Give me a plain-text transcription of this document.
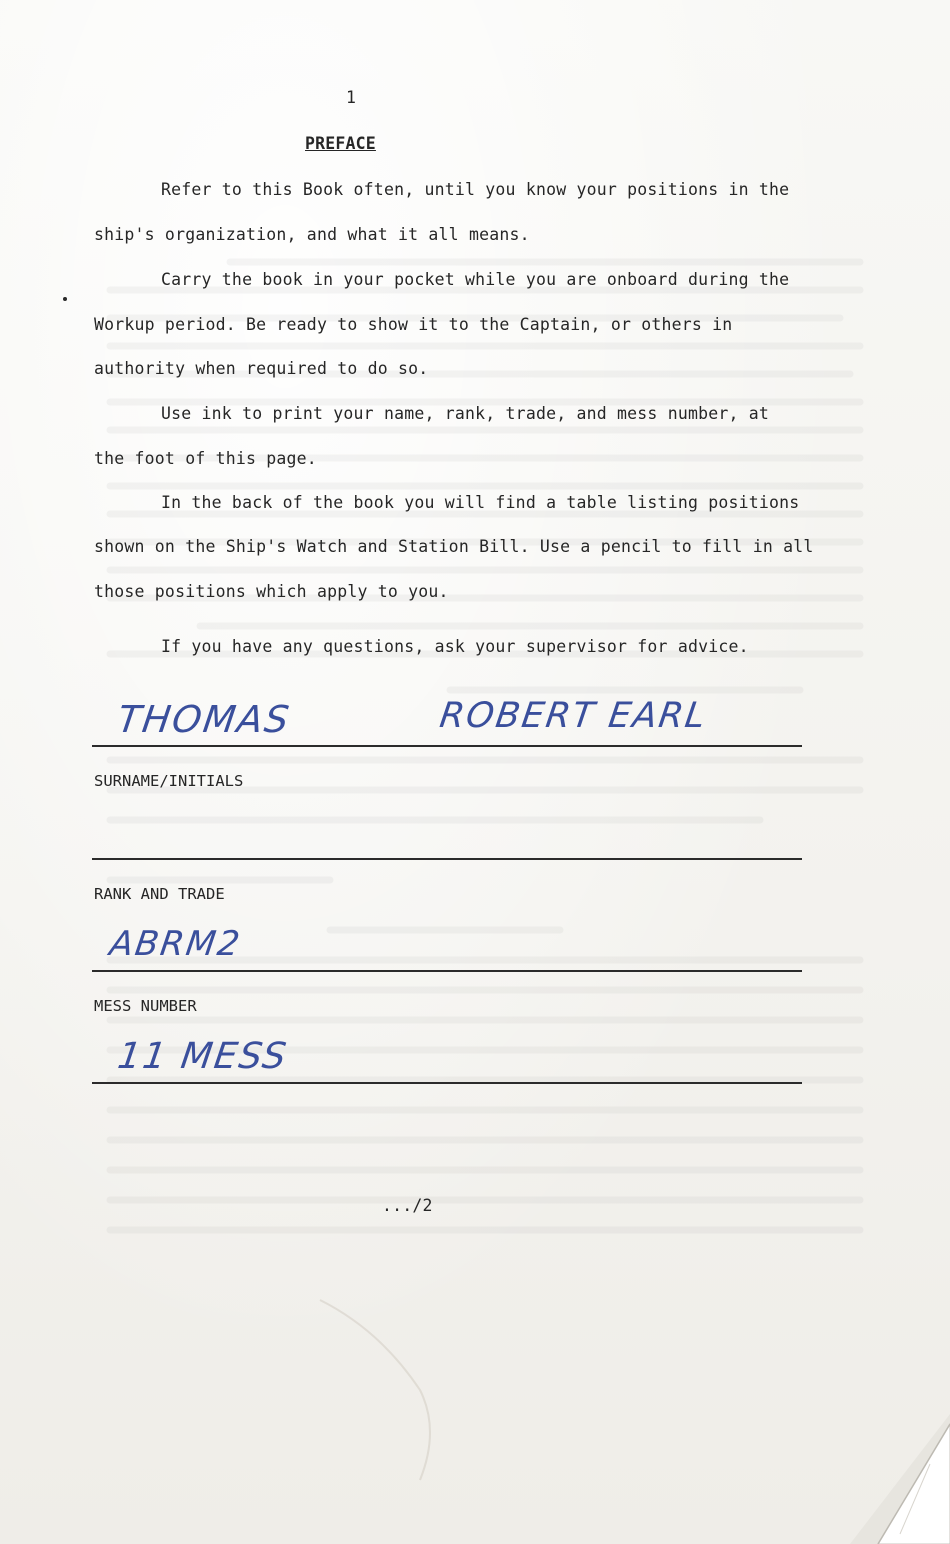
1
PREFACE
Refer to this Book often, until you know your positions in the
ship's organization, and what it all means.
Carry the book in your pocket while you are onboard during the
Workup period. Be ready to show it to the Captain, or others in
authority when required to do so.
Use ink to print your name, rank, trade, and mess number, at
the foot of this page.
In the back of the book you will find a table listing positions
shown on the Ship's Watch and Station Bill. Use a pencil to fill in all
those positions which apply to you.
If you have any questions, ask your supervisor for advice.
THOMAS	ROBERT EARL
SURNAME/INITIALS
RANK AND TRADE
ABRM2
MESS NUMBER
11 MESS
.../2
